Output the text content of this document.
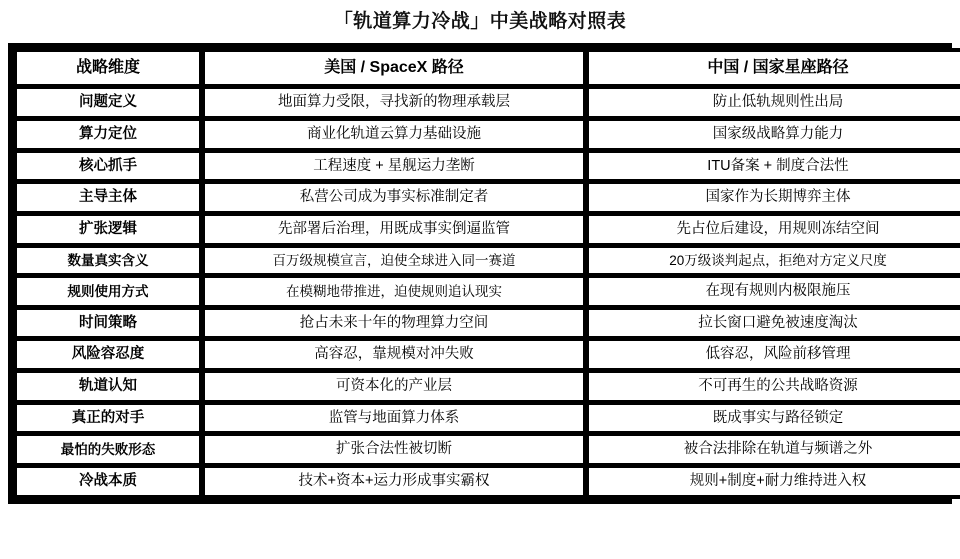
「轨道算力冷战」中美战略对照表
战略维度	美国 / SpaceX 路径	中国 / 国家星座路径
问题定义	地面算力受限，寻找新的物理承载层	防止低轨规则性出局
算力定位	商业化轨道云算力基础设施	国家级战略算力能力
核心抓手	工程速度 + 星舰运力垄断	ITU备案 + 制度合法性
主导主体	私营公司成为事实标准制定者	国家作为长期博弈主体
扩张逻辑	先部署后治理，用既成事实倒逼监管	先占位后建设，用规则冻结空间
数量真实含义	百万级规模宣言，迫使全球进入同一赛道	20万级谈判起点，拒绝对方定义尺度
规则使用方式	在模糊地带推进，迫使规则追认现实	在现有规则内极限施压
时间策略	抢占未来十年的物理算力空间	拉长窗口避免被速度淘汰
风险容忍度	高容忍，靠规模对冲失败	低容忍，风险前移管理
轨道认知	可资本化的产业层	不可再生的公共战略资源
真正的对手	监管与地面算力体系	既成事实与路径锁定
最怕的失败形态	扩张合法性被切断	被合法排除在轨道与频谱之外
冷战本质	技术+资本+运力形成事实霸权	规则+制度+耐力维持进入权
